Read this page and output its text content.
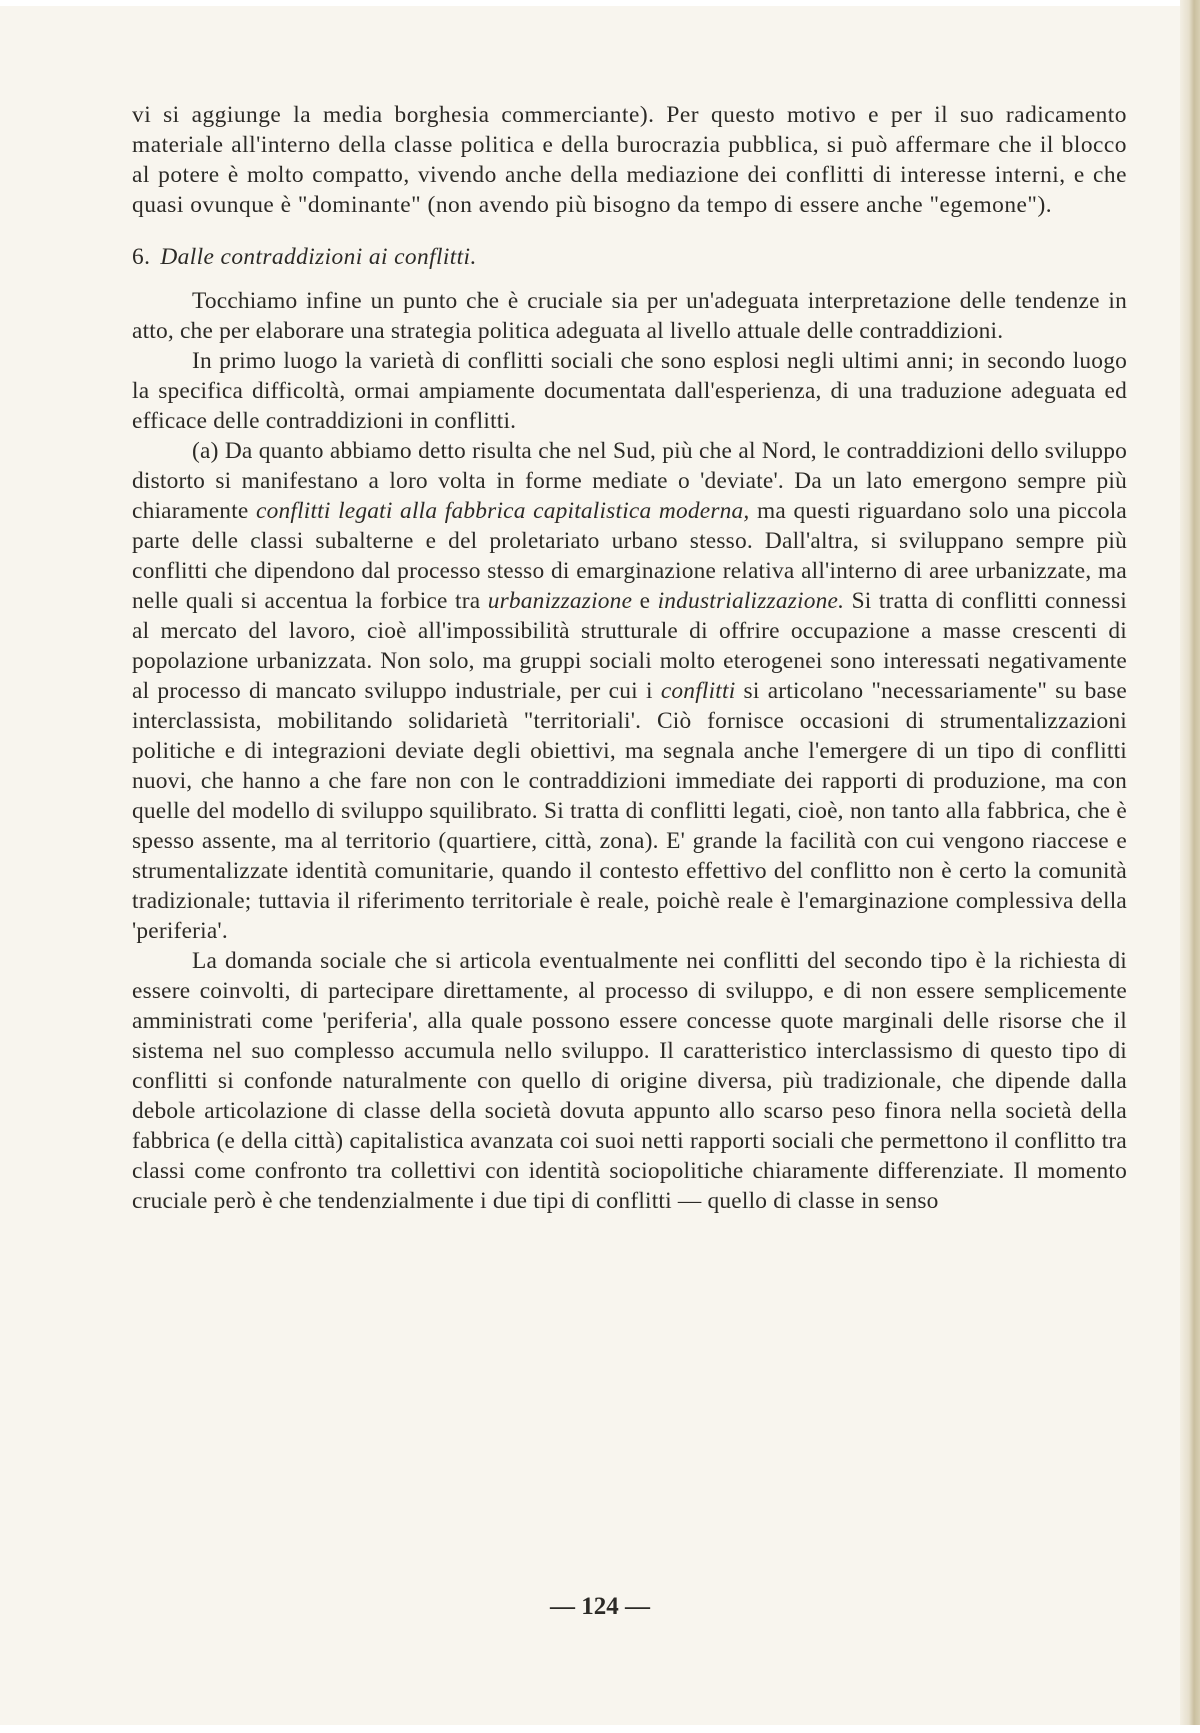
vi si aggiunge la media borghesia commerciante). Per questo motivo e per il suo radicamento materiale all'interno della classe politica e della burocrazia pubblica, si può affermare che il blocco al potere è molto compatto, vivendo anche della mediazione dei conflitti di interesse interni, e che quasi ovunque è "dominante" (non avendo più bisogno da tempo di essere anche "egemone").

6. Dalle contraddizioni ai conflitti.

Tocchiamo infine un punto che è cruciale sia per un'adeguata interpretazione delle tendenze in atto, che per elaborare una strategia politica adeguata al livello attuale delle contraddizioni.

In primo luogo la varietà di conflitti sociali che sono esplosi negli ultimi anni; in secondo luogo la specifica difficoltà, ormai ampiamente documentata dall'esperienza, di una traduzione adeguata ed efficace delle contraddizioni in conflitti.

(a) Da quanto abbiamo detto risulta che nel Sud, più che al Nord, le contraddizioni dello sviluppo distorto si manifestano a loro volta in forme mediate o 'deviate'. Da un lato emergono sempre più chiaramente conflitti legati alla fabbrica capitalistica moderna, ma questi riguardano solo una piccola parte delle classi subalterne e del proletariato urbano stesso. Dall'altra, si sviluppano sempre più conflitti che dipendono dal processo stesso di emarginazione relativa all'interno di aree urbanizzate, ma nelle quali si accentua la forbice tra urbanizzazione e industrializzazione. Si tratta di conflitti connessi al mercato del lavoro, cioè all'impossibilità strutturale di offrire occupazione a masse crescenti di popolazione urbanizzata. Non solo, ma gruppi sociali molto eterogenei sono interessati negativamente al processo di mancato sviluppo industriale, per cui i conflitti si articolano "necessariamente" su base interclassista, mobilitando solidarietà "territoriali'. Ciò fornisce occasioni di strumentalizzazioni politiche e di integrazioni deviate degli obiettivi, ma segnala anche l'emergere di un tipo di conflitti nuovi, che hanno a che fare non con le contraddizioni immediate dei rapporti di produzione, ma con quelle del modello di sviluppo squilibrato. Si tratta di conflitti legati, cioè, non tanto alla fabbrica, che è spesso assente, ma al territorio (quartiere, città, zona). E' grande la facilità con cui vengono riaccese e strumentalizzate identità comunitarie, quando il contesto effettivo del conflitto non è certo la comunità tradizionale; tuttavia il riferimento territoriale è reale, poichè reale è l'emarginazione complessiva della 'periferia'.

La domanda sociale che si articola eventualmente nei conflitti del secondo tipo è la richiesta di essere coinvolti, di partecipare direttamente, al processo di sviluppo, e di non essere semplicemente amministrati come 'periferia', alla quale possono essere concesse quote marginali delle risorse che il sistema nel suo complesso accumula nello sviluppo. Il caratteristico interclassismo di questo tipo di conflitti si confonde naturalmente con quello di origine diversa, più tradizionale, che dipende dalla debole articolazione di classe della società dovuta appunto allo scarso peso finora nella società della fabbrica (e della città) capitalistica avanzata coi suoi netti rapporti sociali che permettono il conflitto tra classi come confronto tra collettivi con identità sociopolitiche chiaramente differenziate. Il momento cruciale però è che tendenzialmente i due tipi di conflitti — quello di classe in senso

— 124 —
